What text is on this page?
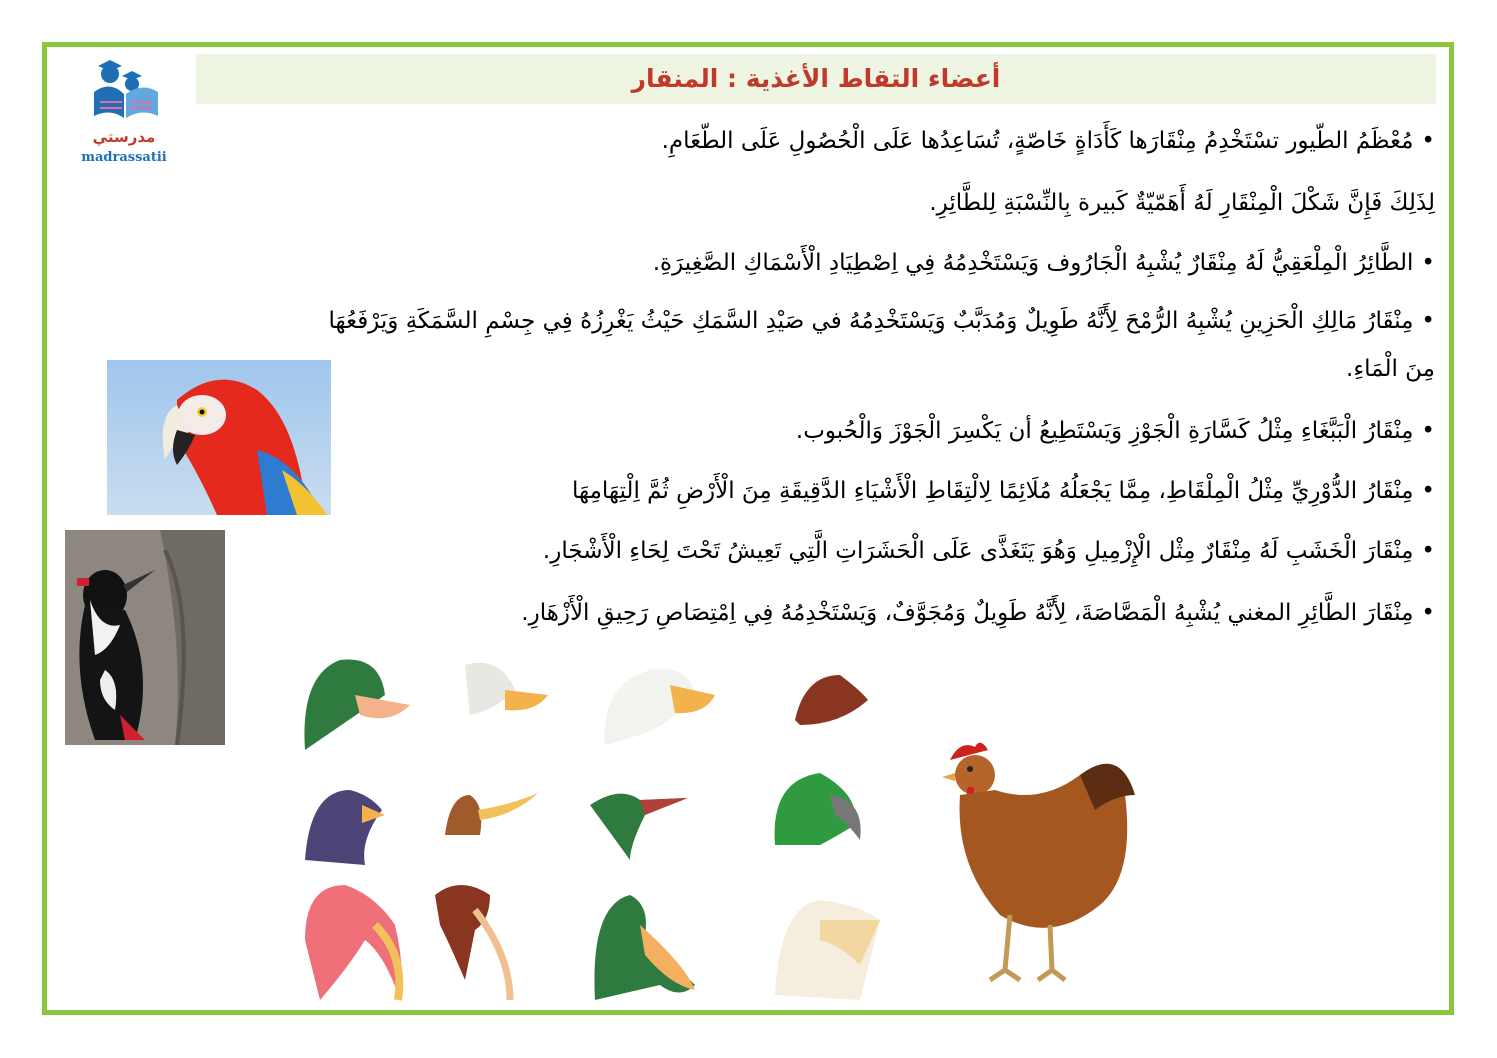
أعضاء التقاط الأغذية : المنقار
مدرستي
madrassatii
•مُعْظَمُ الطّيور تسْتَخْدِمُ مِنْقَارَها كَأَدَاةٍ خَاصّةٍ، تُسَاعِدُها عَلَى الْحُصُولِ عَلَى الطّعَامِ.
لِذَلِكَ فَإِنَّ شَكْلَ الْمِنْقَارِ لَهُ أَهَمّيّةٌ كَبيرة بِالنِّسْبَةِ لِلطَّائِرِ.
•الطَّائِرُ الْمِلْعَقِيُّ لَهُ مِنْقَارٌ يُشْبِهُ الْجَارُوف وَيَسْتَخْدِمُهُ فِي اِصْطِيَادِ الْأَسْمَاكِ الصَّغِيرَةِ.
•مِنْقَارُ مَالِكِ الْحَزِينِ يُشْبِهُ الرُّمْحَ لِأَنَّهُ طَوِيلٌ وَمُدَبَّبٌ وَيَسْتَخْدِمُهُ في صَيْدِ السَّمَكِ حَيْثُ يَغْرِزُهُ فِي جِسْمِ السَّمَكَةِ وَيَرْفَعُهَا
مِنَ الْمَاءِ.
•مِنْقَارُ الْبَبَّغَاءِ مِثْلُ كَسَّارَةِ الْجَوْزِ وَيَسْتَطِيعُ أن يَكْسِرَ الْجَوْزَ وَالْحُبوب.
•مِنْقَارُ الدُّوْرِيِّ مِثْلُ الْمِلْقَاطِ، مِمَّا يَجْعَلُهُ مُلَائِمًا لِالْتِقَاطِ الْأَشْيَاءِ الدَّقِيقَةِ مِنَ الْأَرْضِ ثُمَّ اِلْتِهَامِهَا
•مِنْقَارَ الْخَشَبِ لَهُ مِنْقَارٌ مِثْل الْإِزْمِيلِ وَهُوَ يَتَغَذَّى عَلَى الْحَشَرَاتِ الَّتِي تَعِيشُ تَحْتَ لِحَاءِ الْأَشْجَارِ.
•مِنْقَارَ الطَّائِرِ المغني يُشْبِهُ الْمَصَّاصَةَ، لِأَنَّهُ طَوِيلٌ وَمُجَوَّفٌ، وَيَسْتَخْدِمُهُ فِي اِمْتِصَاصِ رَحِيقِ الْأَزْهَارِ.
